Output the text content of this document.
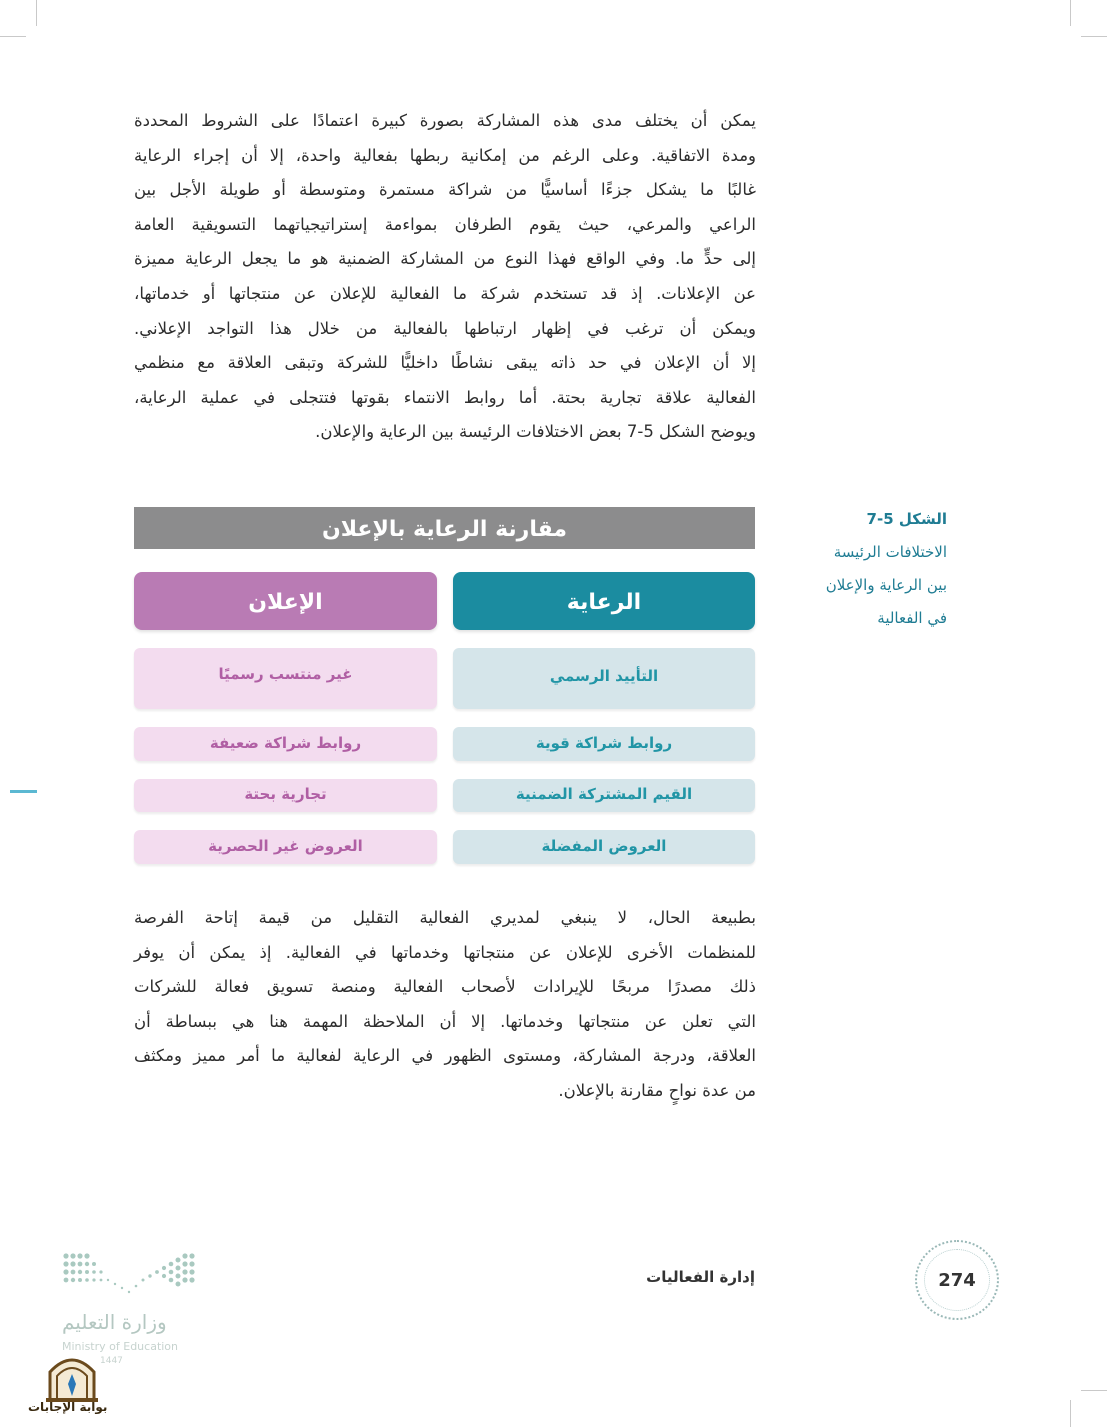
يمكن أن يختلف مدى هذه المشاركة بصورة كبيرة اعتمادًا على الشروط المحددة
ومدة الاتفاقية. وعلى الرغم من إمكانية ربطها بفعالية واحدة، إلا أن إجراء الرعاية
غالبًا ما يشكل جزءًا أساسيًّا من شراكة مستمرة ومتوسطة أو طويلة الأجل بين
الراعي والمرعي، حيث يقوم الطرفان بمواءمة إستراتيجياتهما التسويقية العامة
إلى حدٍّ ما. وفي الواقع فهذا النوع من المشاركة الضمنية هو ما يجعل الرعاية مميزة
عن الإعلانات. إذ قد تستخدم شركة ما الفعالية للإعلان عن منتجاتها أو خدماتها،
ويمكن أن ترغب في إظهار ارتباطها بالفعالية من خلال هذا التواجد الإعلاني.
إلا أن الإعلان في حد ذاته يبقى نشاطًا داخليًّا للشركة وتبقى العلاقة مع منظمي
الفعالية علاقة تجارية بحتة. أما روابط الانتماء بقوتها فتتجلى في عملية الرعاية،
ويوضح الشكل 5-7 بعض الاختلافات الرئيسة بين الرعاية والإعلان.
الشكل 5-7
الاختلافات الرئيسة
بين الرعاية والإعلان
في الفعالية
مقارنة الرعاية بالإعلان
الرعاية
الإعلان
التأييد الرسمي
غير منتسب رسميًا
روابط شراكة قوية
روابط شراكة ضعيفة
القيم المشتركة الضمنية
تجارية بحتة
العروض المفضلة
العروض غير الحصرية
بطبيعة الحال، لا ينبغي لمديري الفعالية التقليل من قيمة إتاحة الفرصة
للمنظمات الأخرى للإعلان عن منتجاتها وخدماتها في الفعالية. إذ يمكن أن يوفر
ذلك مصدرًا مربحًا للإيرادات لأصحاب الفعالية ومنصة تسويق فعالة للشركات
التي تعلن عن منتجاتها وخدماتها. إلا أن الملاحظة المهمة هنا هي ببساطة أن
العلاقة، ودرجة المشاركة، ومستوى الظهور في الرعاية لفعالية ما أمر مميز ومكثف
من عدة نواحٍ مقارنة بالإعلان.
إدارة الفعاليات	274
وزارة التعليم
Ministry of Education
1447
بوابة الإجابات
